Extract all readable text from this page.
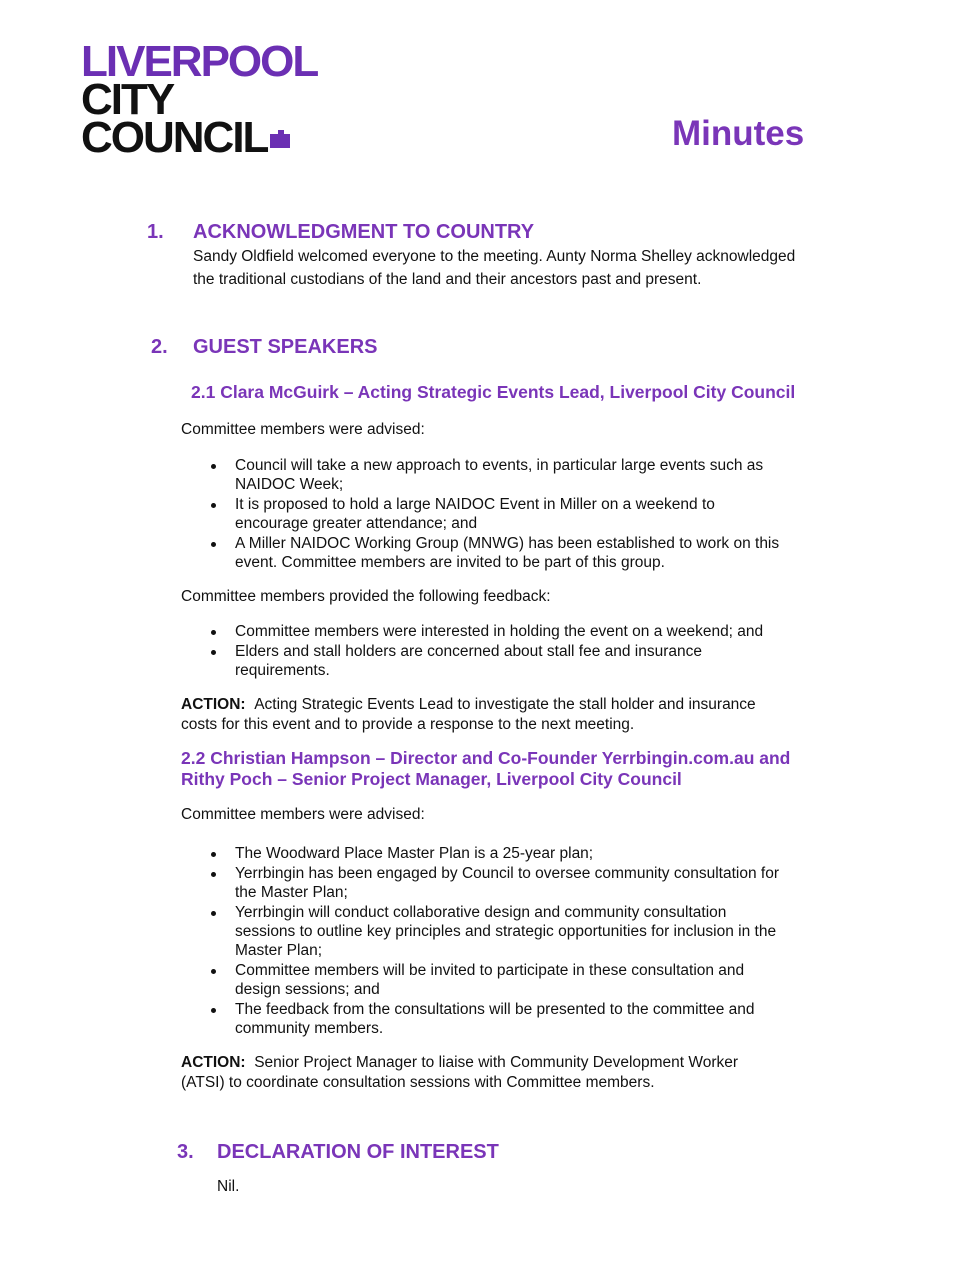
LIVERPOOL
CITY
COUNCIL	Minutes
1. ACKNOWLEDGMENT TO COUNTRY
Sandy Oldfield welcomed everyone to the meeting. Aunty Norma Shelley acknowledged
the traditional custodians of the land and their ancestors past and present.
2. GUEST SPEAKERS
2.1 Clara McGuirk – Acting Strategic Events Lead, Liverpool City Council
Committee members were advised:
Council will take a new approach to events, in particular large events such as
NAIDOC Week;
It is proposed to hold a large NAIDOC Event in Miller on a weekend to
encourage greater attendance; and
A Miller NAIDOC Working Group (MNWG) has been established to work on this
event. Committee members are invited to be part of this group.
Committee members provided the following feedback:
Committee members were interested in holding the event on a weekend; and
Elders and stall holders are concerned about stall fee and insurance
requirements.
ACTION: Acting Strategic Events Lead to investigate the stall holder and insurance
costs for this event and to provide a response to the next meeting.
2.2 Christian Hampson – Director and Co-Founder Yerrbingin.com.au and
Rithy Poch – Senior Project Manager, Liverpool City Council
Committee members were advised:
The Woodward Place Master Plan is a 25-year plan;
Yerrbingin has been engaged by Council to oversee community consultation for
the Master Plan;
Yerrbingin will conduct collaborative design and community consultation
sessions to outline key principles and strategic opportunities for inclusion in the
Master Plan;
Committee members will be invited to participate in these consultation and
design sessions; and
The feedback from the consultations will be presented to the committee and
community members.
ACTION: Senior Project Manager to liaise with Community Development Worker
(ATSI) to coordinate consultation sessions with Committee members.
3. DECLARATION OF INTEREST
Nil.
